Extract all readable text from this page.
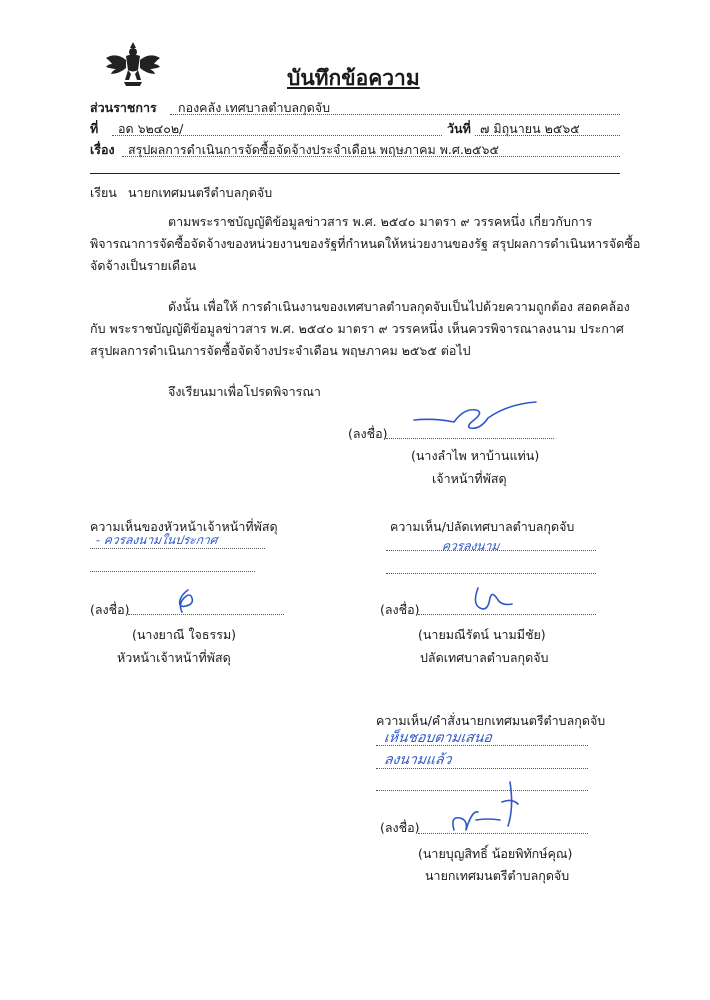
บันทึกข้อความ
ส่วนราชการ กองคลัง เทศบาลตำบลกุดจับ
ที่ อด ๖๒๔๐๒/	วันที่ ๗ มิถุนายน ๒๕๖๕
เรื่อง สรุปผลการดำเนินการจัดซื้อจัดจ้างประจำเดือน พฤษภาคม พ.ศ.๒๕๖๕
เรียน นายกเทศมนตรีตำบลกุดจับ
ตามพระราชบัญญัติข้อมูลข่าวสาร พ.ศ. ๒๕๔๐ มาตรา ๙ วรรคหนึ่ง เกี่ยวกับการ
พิจารณาการจัดซื้อจัดจ้างของหน่วยงานของรัฐที่กำหนดให้หน่วยงานของรัฐ สรุปผลการดำเนินหารจัดซื้อ
จัดจ้างเป็นรายเดือน
ดังนั้น เพื่อให้ การดำเนินงานของเทศบาลตำบลกุดจับเป็นไปด้วยความถูกต้อง สอดคล้อง
กับ พระราชบัญญัติข้อมูลข่าวสาร พ.ศ. ๒๕๔๐ มาตรา ๙ วรรคหนึ่ง เห็นควรพิจารณาลงนาม ประกาศ
สรุปผลการดำเนินการจัดซื้อจัดจ้างประจำเดือน พฤษภาคม ๒๕๖๕ ต่อไป
จึงเรียนมาเพื่อโปรดพิจารณา
(ลงชื่อ)
(นางลำไพ หาบ้านแท่น)
เจ้าหน้าที่พัสดุ
ความเห็นของหัวหน้าเจ้าหน้าที่พัสดุ
- ควรลงนามในประกาศ
(ลงชื่อ)
(นางยาณี ใจธรรม)
หัวหน้าเจ้าหน้าที่พัสดุ
ความเห็น/ปลัดเทศบาลตำบลกุดจับ
ควรลงนาม
(ลงชื่อ)
(นายมณีรัตน์ นามมีชัย)
ปลัดเทศบาลตำบลกุดจับ
ความเห็น/คำสั่งนายกเทศมนตรีตำบลกุดจับ
เห็นชอบตามเสนอ
ลงนามแล้ว
(ลงชื่อ)
(นายบุญสิทธิ์ น้อยพิทักษ์คุณ)
นายกเทศมนตรีตำบลกุดจับ
